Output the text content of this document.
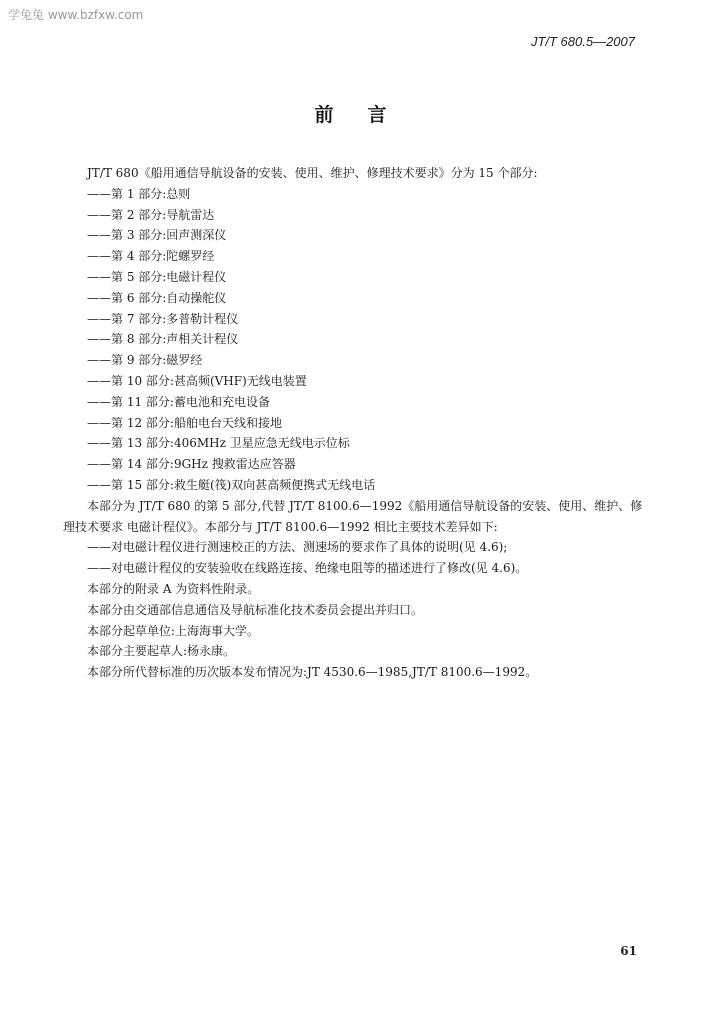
学兔兔 www.bzfxw.com
JT/T 680.5—2007
前言

JT/T 680《船用通信导航设备的安装、使用、维护、修理技术要求》分为 15 个部分:

——第 1 部分:总则
——第 2 部分:导航雷达
——第 3 部分:回声测深仪
——第 4 部分:陀螺罗经
——第 5 部分:电磁计程仪
——第 6 部分:自动操舵仪
——第 7 部分:多普勒计程仪
——第 8 部分:声相关计程仪
——第 9 部分:磁罗经
——第 10 部分:甚高频(VHF)无线电装置
——第 11 部分:蓄电池和充电设备
——第 12 部分:船舶电台天线和接地
——第 13 部分:406MHz 卫星应急无线电示位标
——第 14 部分:9GHz 搜救雷达应答器
——第 15 部分:救生艇(筏)双向甚高频便携式无线电话

本部分为 JT/T 680 的第 5 部分,代替 JT/T 8100.6—1992《船用通信导航设备的安装、使用、维护、修理技术要求 电磁计程仪》。本部分与 JT/T 8100.6—1992 相比主要技术差异如下:

——对电磁计程仪进行测速校正的方法、测速场的要求作了具体的说明(见 4.6);
——对电磁计程仪的安装验收在线路连接、绝缘电阻等的描述进行了修改(见 4.6)。

本部分的附录 A 为资料性附录。

本部分由交通部信息通信及导航标准化技术委员会提出并归口。

本部分起草单位:上海海事大学。

本部分主要起草人:杨永康。

本部分所代替标准的历次版本发布情况为:JT 4530.6—1985,JT/T 8100.6—1992。

61
